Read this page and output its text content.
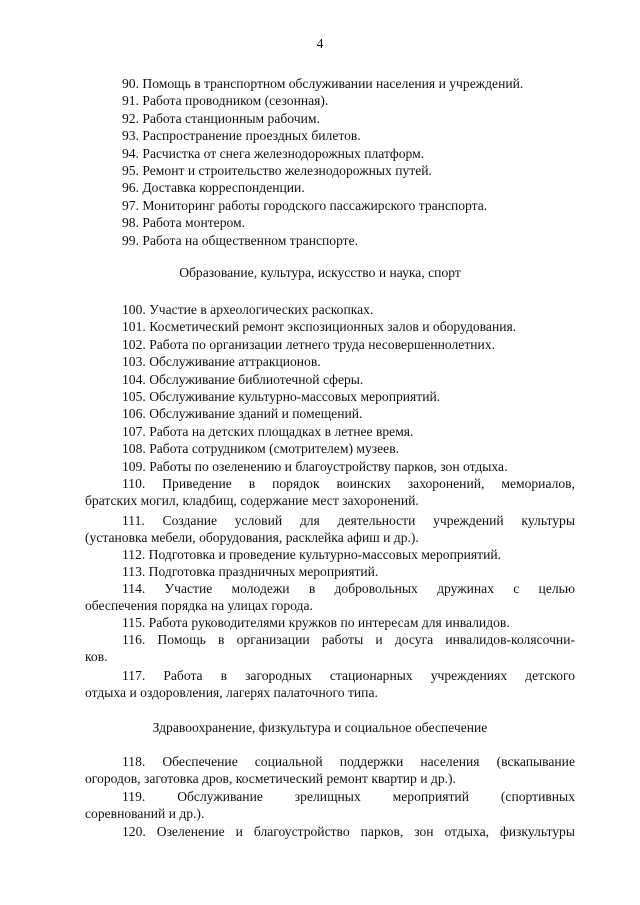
4
90. Помощь в транспортном обслуживании населения и учреждений.
91. Работа проводником (сезонная).
92. Работа станционным рабочим.
93. Распространение проездных билетов.
94. Расчистка от снега железнодорожных платформ.
95. Ремонт и строительство железнодорожных путей.
96. Доставка корреспонденции.
97. Мониторинг работы городского пассажирского транспорта.
98. Работа монтером.
99. Работа на общественном транспорте.
Образование, культура, искусство и наука, спорт
100. Участие в археологических раскопках.
101. Косметический ремонт экспозиционных залов и оборудования.
102. Работа по организации летнего труда несовершеннолетних.
103. Обслуживание аттракционов.
104. Обслуживание библиотечной сферы.
105. Обслуживание культурно-массовых мероприятий.
106. Обслуживание зданий и помещений.
107. Работа на детских площадках в летнее время.
108. Работа сотрудником (смотрителем) музеев.
109. Работы по озеленению и благоустройству парков, зон отдыха.
110. Приведение в порядок воинских захоронений, мемориалов,
братских могил, кладбищ, содержание мест захоронений.
111. Создание условий для деятельности учреждений культуры
(установка мебели, оборудования, расклейка афиш и др.).
112. Подготовка и проведение культурно-массовых мероприятий.
113. Подготовка праздничных мероприятий.
114. Участие молодежи в добровольных дружинах с целью
обеспечения порядка на улицах города.
115. Работа руководителями кружков по интересам для инвалидов.
116. Помощь в организации работы и досуга инвалидов-колясочни-
ков.
117. Работа в загородных стационарных учреждениях детского
отдыха и оздоровления, лагерях палаточного типа.
Здравоохранение, физкультура и социальное обеспечение
118. Обеспечение социальной поддержки населения (вскапывание
огородов, заготовка дров, косметический ремонт квартир и др.).
119. Обслуживание зрелищных мероприятий (спортивных
соревнований и др.).
120. Озеленение и благоустройство парков, зон отдыха, физкультуры
